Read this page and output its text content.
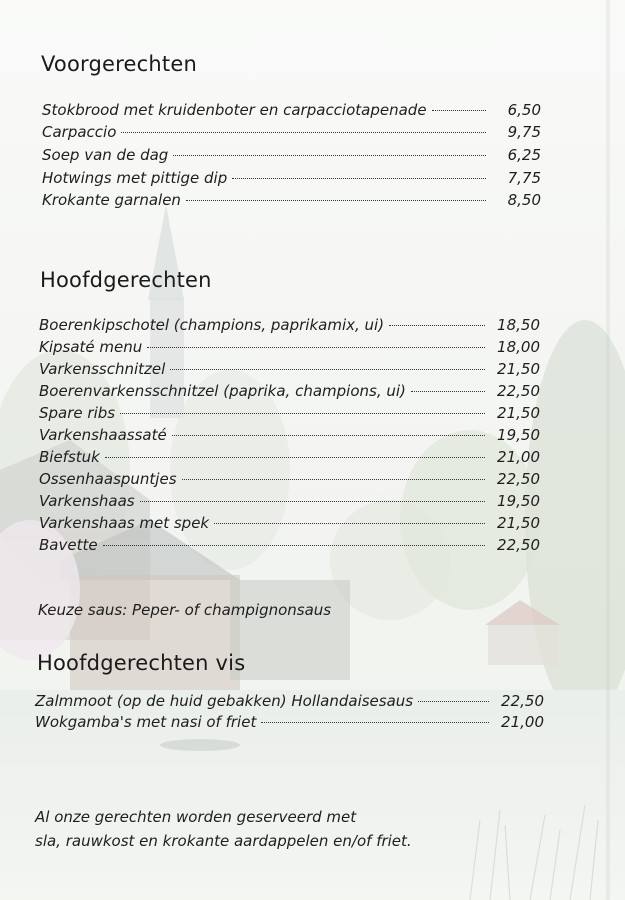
Voorgerechten
Stokbrood met kruidenboter en carpacciotapenade	6,50
Carpaccio	9,75
Soep van de dag	6,25
Hotwings met pittige dip	7,75
Krokante garnalen	8,50
Hoofdgerechten
Boerenkipschotel (champions, paprikamix, ui)	18,50
Kipsaté menu	18,00
Varkensschnitzel	21,50
Boerenvarkensschnitzel (paprika, champions, ui)	22,50
Spare ribs	21,50
Varkenshaassaté	19,50
Biefstuk	21,00
Ossenhaaspuntjes	22,50
Varkenshaas	19,50
Varkenshaas met spek	21,50
Bavette	22,50
Keuze saus: Peper- of champignonsaus
Hoofdgerechten vis
Zalmmoot (op de huid gebakken) Hollandaisesaus	22,50
Wokgamba's met nasi of friet	21,00
Al onze gerechten worden geserveerd met
sla, rauwkost en krokante aardappelen en/of friet.
